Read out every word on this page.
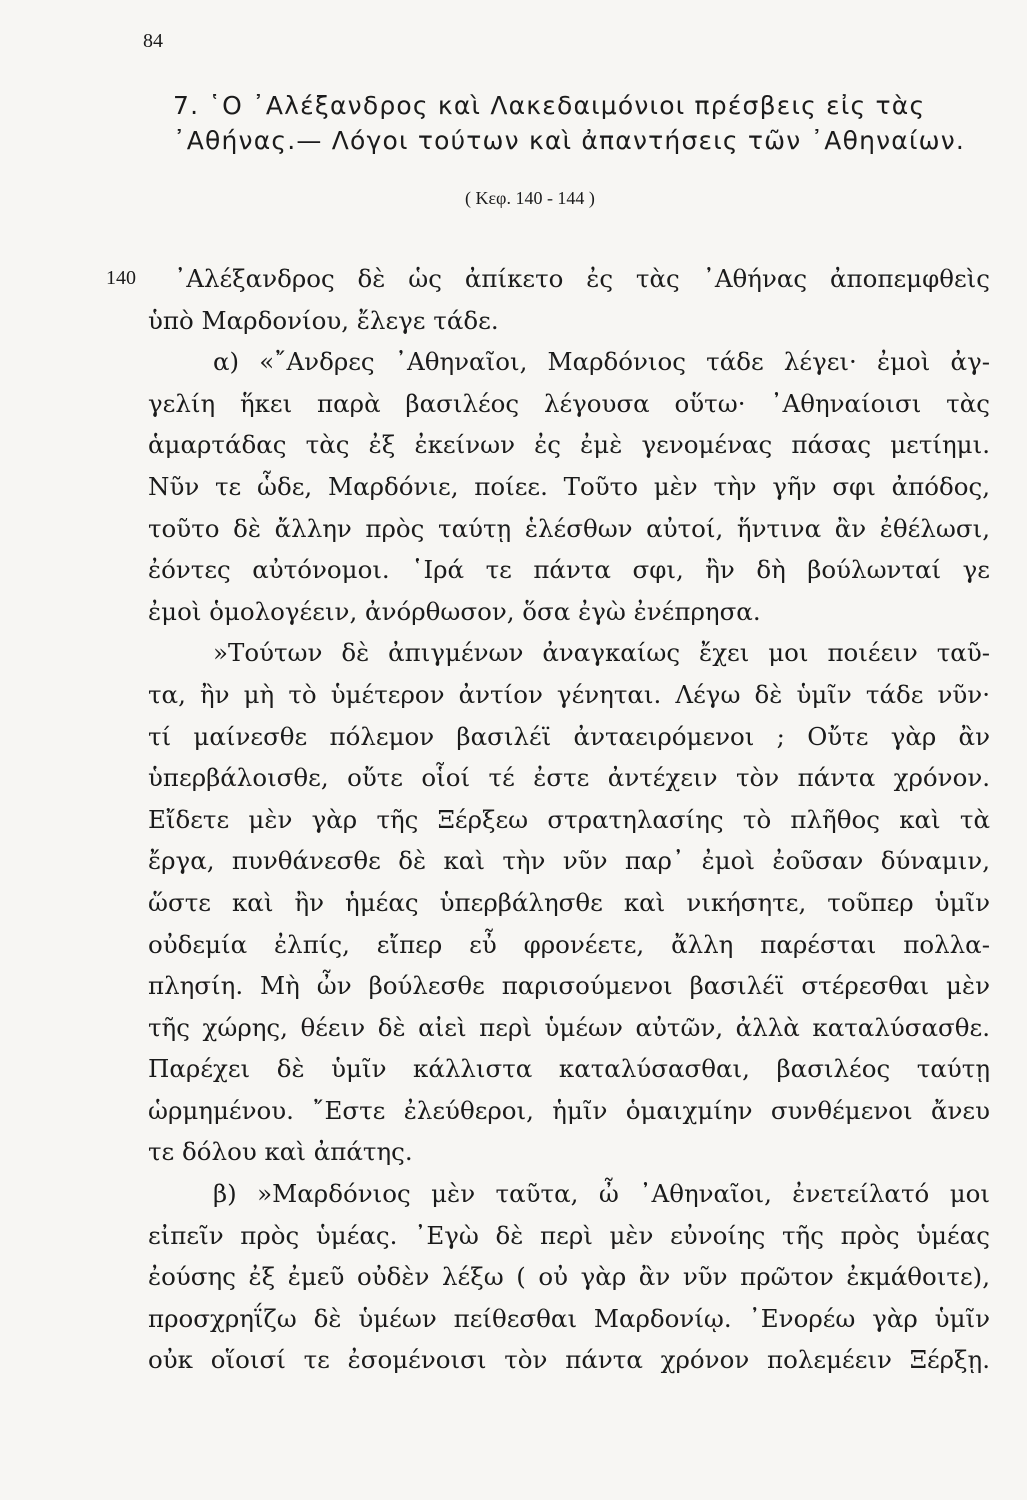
84
7. ῾Ο ᾿Αλέξανδρος καὶ Λακεδαιμόνιοι πρέσβεις εἰς τὰς
᾿Αθήνας.— Λόγοι τούτων καὶ ἀπαντήσεις τῶν ᾿Αθηναίων.
( Κεφ. 140 - 144 )
140	᾿Αλέξανδρος δὲ ὡς ἀπίκετο ἐς τὰς ᾿Αθήνας ἀποπεμφθεὶς
ὑπὸ Μαρδονίου, ἔλεγε τάδε.
α) «῎Ανδρες ᾿Αθηναῖοι, Μαρδόνιος τάδε λέγει· ἐμοὶ ἀγ-
γελίη ἥκει παρὰ βασιλέος λέγουσα οὕτω· ᾿Αθηναίοισι τὰς
ἁμαρτάδας τὰς ἐξ ἐκείνων ἐς ἐμὲ γενομένας πάσας μετίημι.
Νῦν τε ὧδε, Μαρδόνιε, ποίεε. Τοῦτο μὲν τὴν γῆν σφι ἀπόδος,
τοῦτο δὲ ἄλλην πρὸς ταύτῃ ἑλέσθων αὐτοί, ἥντινα ἂν ἐθέλωσι,
ἐόντες αὐτόνομοι. ῾Ιρά τε πάντα σφι, ἢν δὴ βούλωνταί γε
ἐμοὶ ὁμολογέειν, ἀνόρθωσον, ὅσα ἐγὼ ἐνέπρησα.
»Τούτων δὲ ἀπιγμένων ἀναγκαίως ἔχει μοι ποιέειν ταῦ-
τα, ἢν μὴ τὸ ὑμέτερον ἀντίον γένηται. Λέγω δὲ ὑμῖν τάδε νῦν·
τί μαίνεσθε πόλεμον βασιλέϊ ἀνταειρόμενοι ; Οὔτε γὰρ ἂν
ὑπερβάλοισθε, οὔτε οἷοί τέ ἐστε ἀντέχειν τὸν πάντα χρόνον.
Εἴδετε μὲν γὰρ τῆς Ξέρξεω στρατηλασίης τὸ πλῆθος καὶ τὰ
ἔργα, πυνθάνεσθε δὲ καὶ τὴν νῦν παρ᾿ ἐμοὶ ἐοῦσαν δύναμιν,
ὥστε καὶ ἢν ἡμέας ὑπερβάλησθε καὶ νικήσητε, τοῦπερ ὑμῖν
οὐδεμία ἐλπίς, εἴπερ εὖ φρονέετε, ἄλλη παρέσται πολλα-
πλησίη. Μὴ ὦν βούλεσθε παρισούμενοι βασιλέϊ στέρεσθαι μὲν
τῆς χώρης, θέειν δὲ αἰεὶ περὶ ὑμέων αὐτῶν, ἀλλὰ καταλύσασθε.
Παρέχει δὲ ὑμῖν κάλλιστα καταλύσασθαι, βασιλέος ταύτῃ
ὡρμημένου. ῎Εστε ἐλεύθεροι, ἡμῖν ὁμαιχμίην συνθέμενοι ἄνευ
τε δόλου καὶ ἀπάτης.
β) »Μαρδόνιος μὲν ταῦτα, ὦ ᾿Αθηναῖοι, ἐνετείλατό μοι
εἰπεῖν πρὸς ὑμέας. ᾿Εγὼ δὲ περὶ μὲν εὐνοίης τῆς πρὸς ὑμέας
ἐούσης ἐξ ἐμεῦ οὐδὲν λέξω ( οὐ γὰρ ἂν νῦν πρῶτον ἐκμάθοιτε),
προσχρηΐζω δὲ ὑμέων πείθεσθαι Μαρδονίῳ. ᾿Ενορέω γὰρ ὑμῖν
οὐκ οἵοισί τε ἐσομένοισι τὸν πάντα χρόνον πολεμέειν Ξέρξῃ.
